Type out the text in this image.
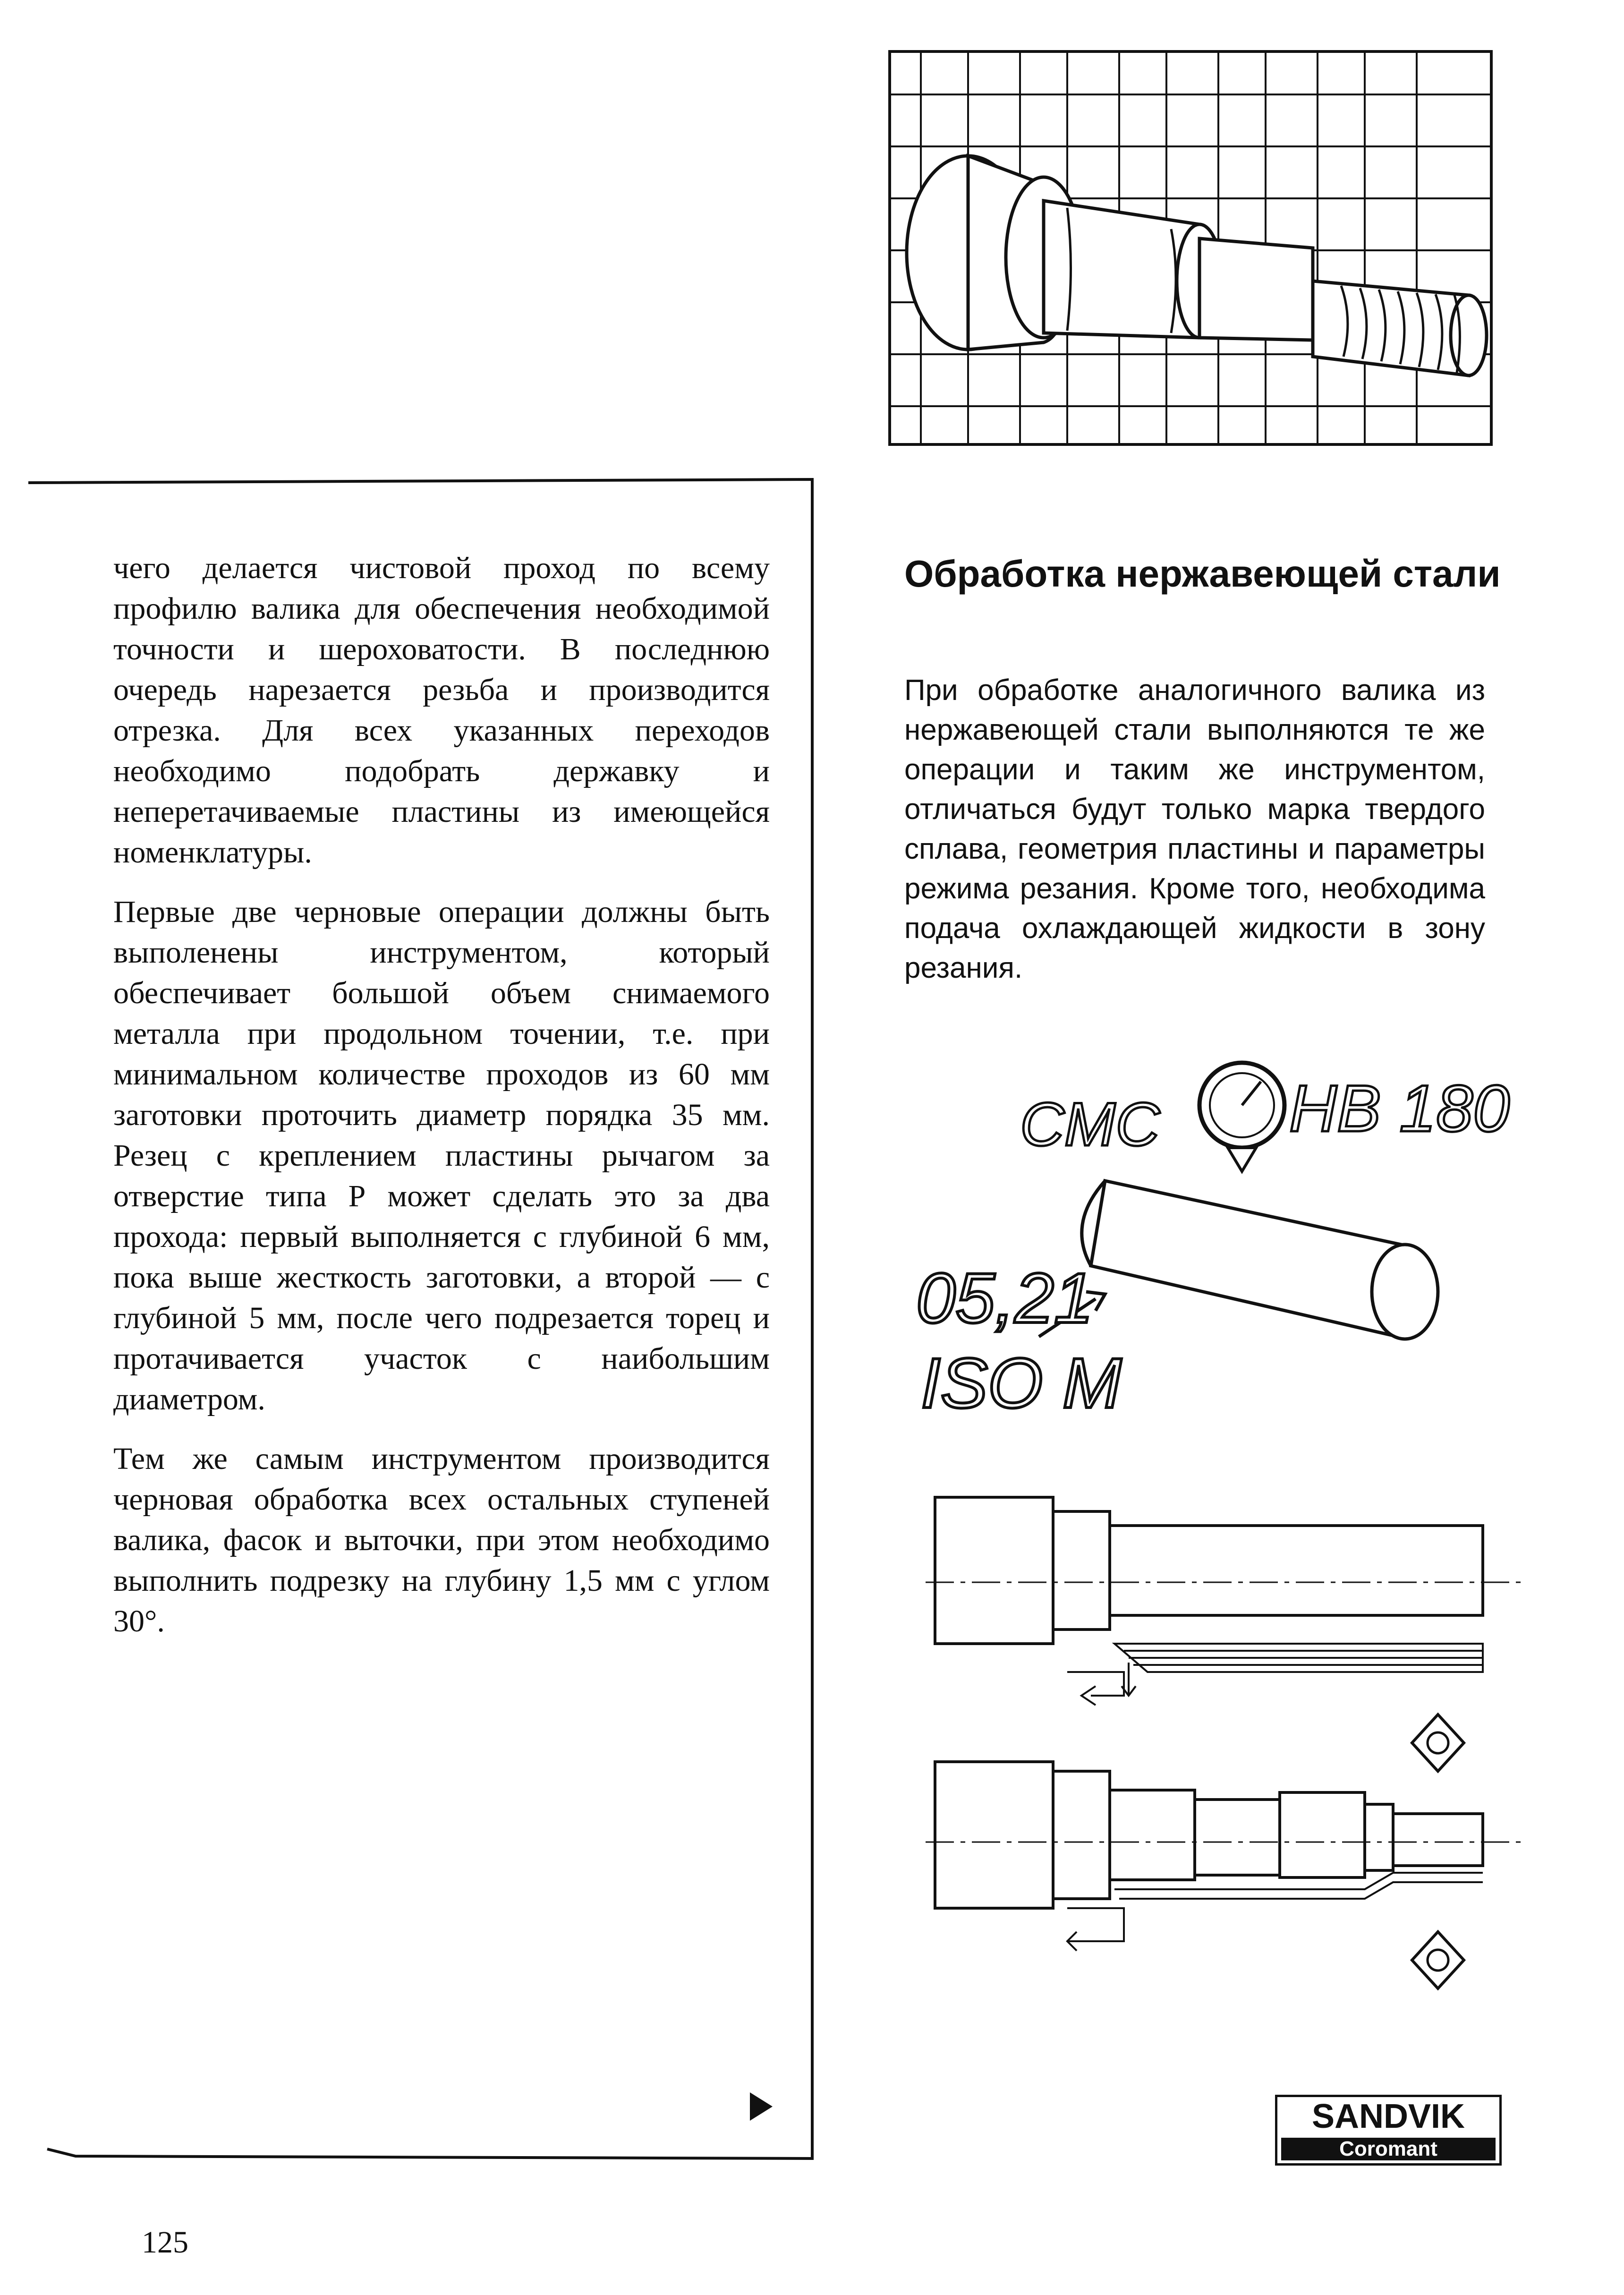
чего делается чистовой проход по всему профилю валика для обеспечения необходимой точности и шероховатости. В последнюю очередь нарезается резьба и производится отрезка. Для всех указанных переходов необходимо подобрать державку и неперетачиваемые пластины из имеющейся номенклатуры.

Первые две черновые операции должны быть выполенены инструментом, который обеспечивает большой объем снимаемого металла при продольном точении, т.е. при минимальном количестве проходов из 60 мм заготовки проточить диаметр порядка 35 мм. Резец с креплением пластины рычагом за отверстие типа Р может сделать это за два прохода: первый выполняется с глубиной 6 мм, пока выше жесткость заготовки, а второй — с глубиной 5 мм, после чего подрезается торец и протачивается участок с наибольшим диаметром.

Тем же самым инструментом производится черновая обработка всех остальных ступеней валика, фасок и выточки, при этом необходимо выполнить подрезку на глубину 1,5 мм с углом 30°.

Обработка нержавеющей стали

При обработке аналогичного валика из нержавеющей стали выполняются те же операции и таким же инструментом, отличаться будут только марка твердого сплава, геометрия пластины и параметры режима резания. Кроме того, необходима подача охлаждающей жидкости в зону резания.

CMC HB 180
05,21
ISO M
SANDVIK
Coromant
125
